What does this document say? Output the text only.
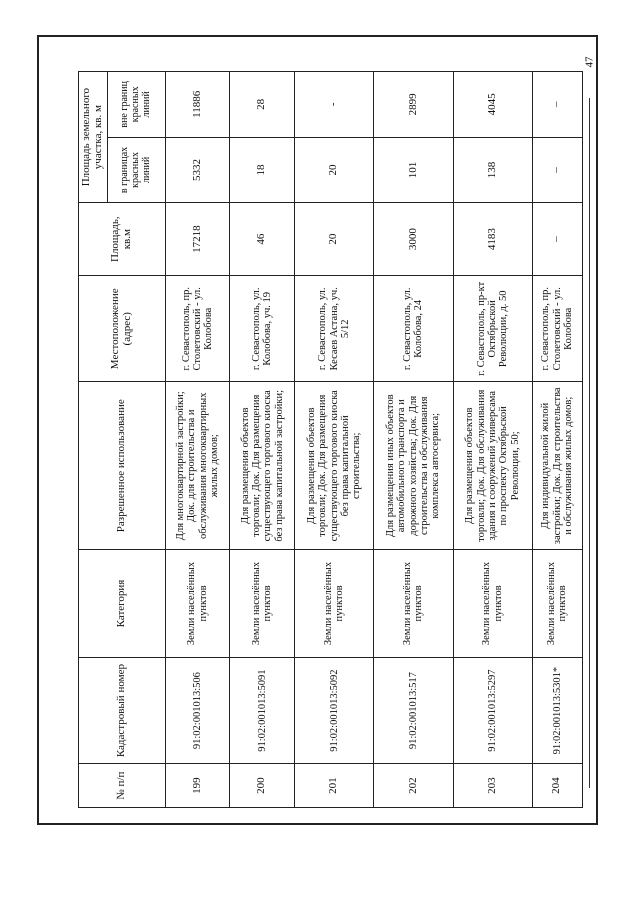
47
№ п/п	Кадастровый номер	Категория	Разрешенное использование	Местоположение (адрес)	Площадь, кв.м	Площадь земельного участка, кв. м	
						в границах красных линий	вне границ красных линий
199	91:02:001013:506	Земли населённых пунктов	Для многоквартирной застройки; Док. для строительства и обслуживания многоквартирных жилых домов;	г. Севастополь, пр. Столетовский - ул. Колобова	17218	5332	11886
200	91:02:001013:5091	Земли населённых пунктов	Для размещения объектов торговли; Док. Для размещения существующего торгового киоска без права капитальной застройки;	г. Севастополь, ул. Колобова, уч. 19	46	18	28
201	91:02:001013:5092	Земли населённых пунктов	Для размещения объектов торговли; Док. Для размещения существующего торгового киоска без права капитальной строительства;	г. Севастополь, ул. Кесаев Астана, уч. 5/12	20	20	-
202	91:02:001013:517	Земли населённых пунктов	Для размещения иных объектов автомобильного транспорта и дорожного хозяйства; Док. Для строительства и обслуживания комплекса автосервиса;	г. Севастополь, ул. Колобова, 24	3000	101	2899
203	91:02:001013:5297	Земли населённых пунктов	Для размещения объектов торговли; Док. Для обслуживания здания и сооружений универсама по проспекту Октябрьской Революции, 50;	г. Севастополь, пр-кт Октябрьской Революции, д. 50	4183	138	4045
204	91:02:001013:5301*	Земли населённых пунктов	Для индивидуальной жилой застройки; Док. Для строительства и обслуживания жилых домов;	г. Севастополь, пр. Столетовский - ул. Колобова	–	–	–
